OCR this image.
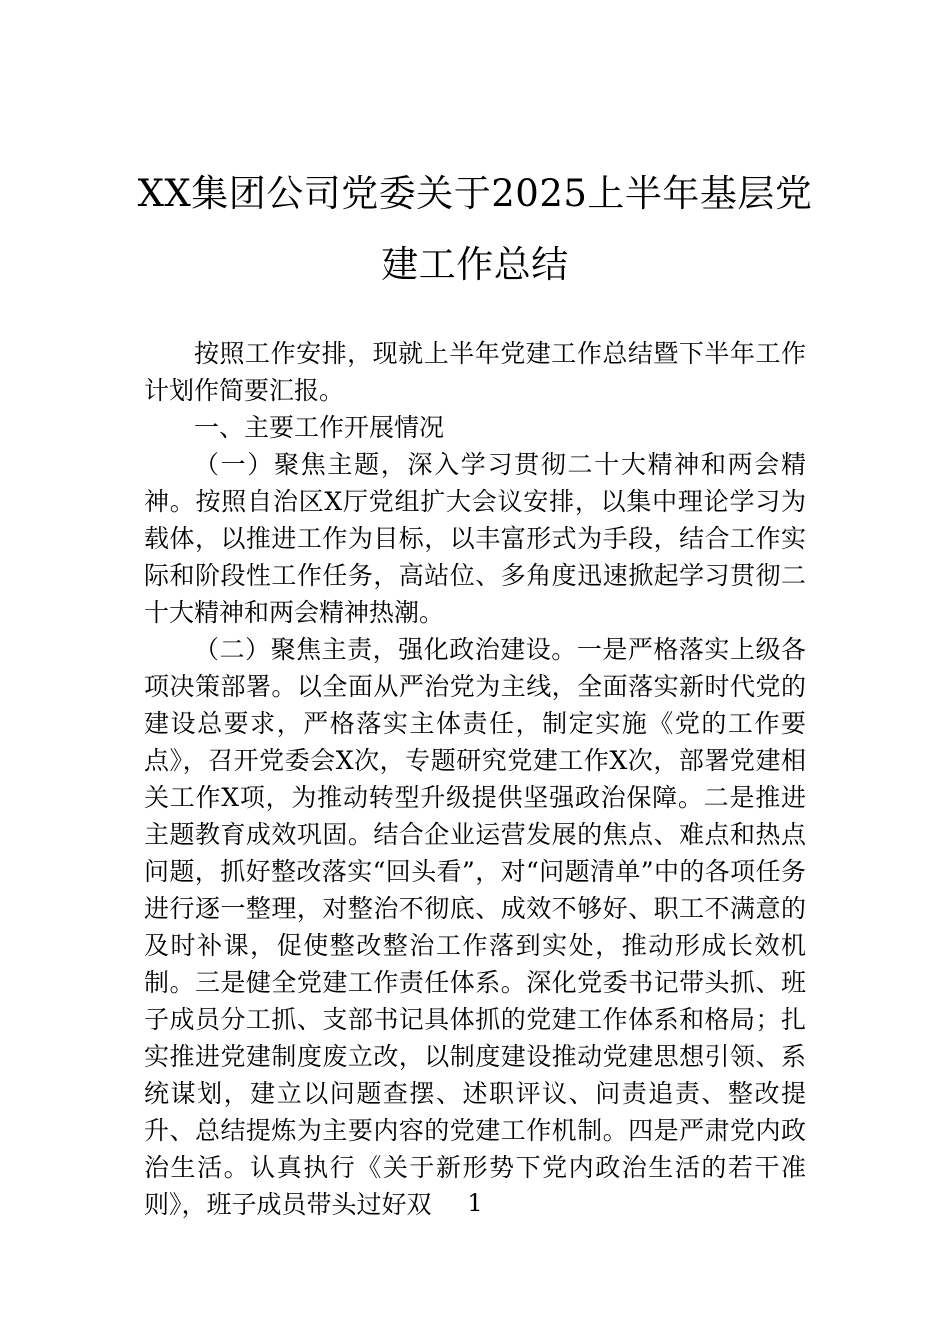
XX集团公司党委关于2025上半年基层党
建工作总结

按照工作安排，现就上半年党建工作总结暨下半年工作计划作简要汇报。

一、主要工作开展情况

（一）聚焦主题，深入学习贯彻二十大精神和两会精神。按照自治区X厅党组扩大会议安排，以集中理论学习为载体，以推进工作为目标，以丰富形式为手段，结合工作实际和阶段性工作任务，高站位、多角度迅速掀起学习贯彻二十大精神和两会精神热潮。

（二）聚焦主责，强化政治建设。一是严格落实上级各项决策部署。以全面从严治党为主线，全面落实新时代党的建设总要求，严格落实主体责任，制定实施《党的工作要点》，召开党委会X次，专题研究党建工作X次，部署党建相关工作X项，为推动转型升级提供坚强政治保障。二是推进主题教育成效巩固。结合企业运营发展的焦点、难点和热点问题，抓好整改落实“回头看”，对“问题清单”中的各项任务进行逐一整理，对整治不彻底、成效不够好、职工不满意的及时补课，促使整改整治工作落到实处，推动形成长效机制。三是健全党建工作责任体系。深化党委书记带头抓、班子成员分工抓、支部书记具体抓的党建工作体系和格局；扎实推进党建制度废立改，以制度建设推动党建思想引领、系统谋划，建立以问题查摆、述职评议、问责追责、整改提升、总结提炼为主要内容的党建工作机制。四是严肃党内政治生活。认真执行《关于新形势下党内政治生活的若干准则》，班子成员带头过好双	1
